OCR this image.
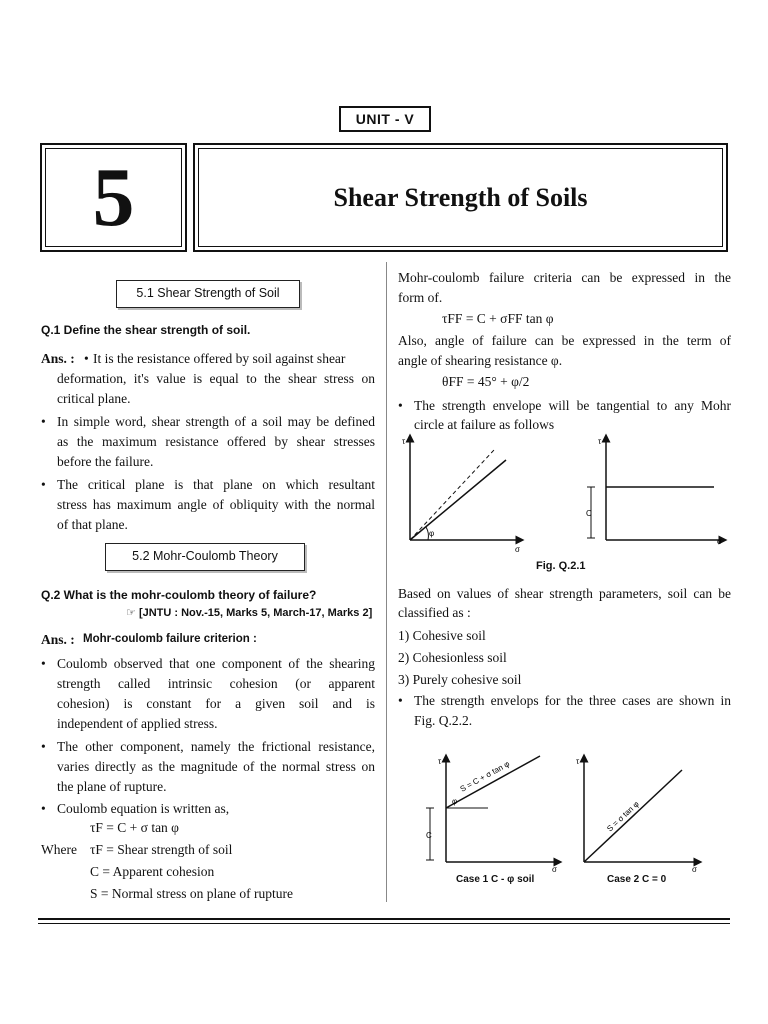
UNIT - V
5	Shear Strength of Soils
5.1 Shear Strength of Soil
Q.1 Define the shear strength of soil.
Ans. : • It is the resistance offered by soil against shear
deformation, it's value is equal to the shear stress on
critical plane.
• In simple word, shear strength of a soil may be defined
as the maximum resistance offered by shear stresses
before the failure.
• The critical plane is that plane on which resultant
stress has maximum angle of obliquity with the normal
of that plane.
5.2 Mohr-Coulomb Theory
Q.2 What is the mohr-coulomb theory of failure?
☞ [JNTU : Nov.-15, Marks 5, March-17, Marks 2]
Ans. : Mohr-coulomb failure criterion :
• Coulomb observed that one component of the shearing
strength called intrinsic cohesion (or apparent
cohesion) is constant for a given soil and is
independent of applied stress.
• The other component, namely the frictional resistance,
varies directly as the magnitude of the normal stress on
the plane of rupture.
• Coulomb equation is written as,
τF = C + σ tan φ
Where τF = Shear strength of soil
C = Apparent cohesion
S = Normal stress on plane of rupture
Mohr-coulomb failure criteria can be expressed in the
form of.
τFF = C + σFF tan φ
Also, angle of failure can be expressed in the term of
angle of shearing resistance φ.
θFF = 45° + φ/2
• The strength envelope will be tangential to any Mohr
circle at failure as follows
τ
σ
φ
τ
σ
C
Fig. Q.2.1
Based on values of shear strength parameters, soil can be
classified as :
1) Cohesive soil
2) Cohesionless soil
3) Purely cohesive soil
• The strength envelops for the three cases are shown in
Fig. Q.2.2.
τ
σ
φ
C
S = C + σ tan φ	τ
σ
S = σ tan φ
Case 1 C - φ soil	Case 2 C = 0
